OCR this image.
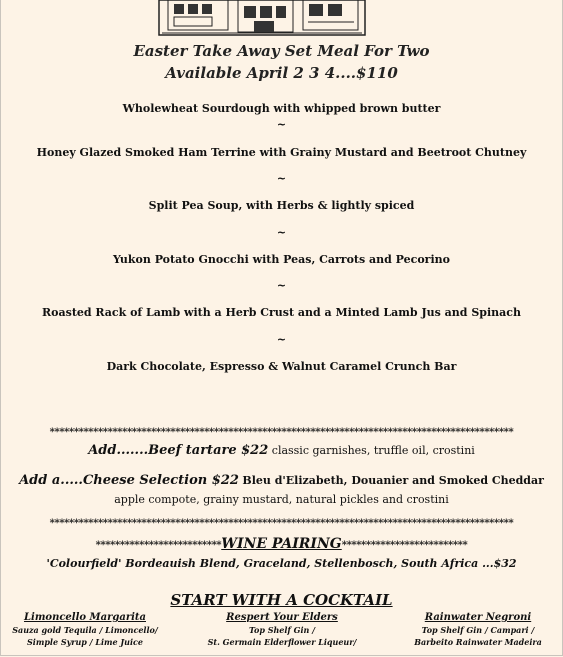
Easter Take Away Set Meal For Two
Available April 2 3 4....$110
Wholewheat Sourdough with whipped brown butter
~
Honey Glazed Smoked Ham Terrine with Grainy Mustard and Beetroot Chutney
~
Split Pea Soup, with Herbs & lightly spiced
~
Yukon Potato Gnocchi with Peas, Carrots and Pecorino
~
Roasted Rack of Lamb with a Herb Crust and a Minted Lamb Jus and Spinach
~
Dark Chocolate, Espresso & Walnut Caramel Crunch Bar
************************************************************************************************
Add.......Beef tartare $22 classic garnishes, truffle oil, crostini
Add a.....Cheese Selection $22 Bleu d'Elizabeth, Douanier and Smoked Cheddar
apple compote, grainy mustard, natural pickles and crostini
************************************************************************************************
**************************WINE PAIRING**************************
'Colourfield' Bordeauish Blend, Graceland, Stellenbosch, South Africa ...$32
START WITH A COCKTAIL
Limoncello Margarita
Sauza gold Tequila / Limoncello/
Simple Syrup / Lime Juice
Respert Your Elders
Top Shelf Gin /
St. Germain Elderflower Liqueur/
Rainwater Negroni
Top Shelf Gin / Campari /
Barbeito Rainwater Madeira
